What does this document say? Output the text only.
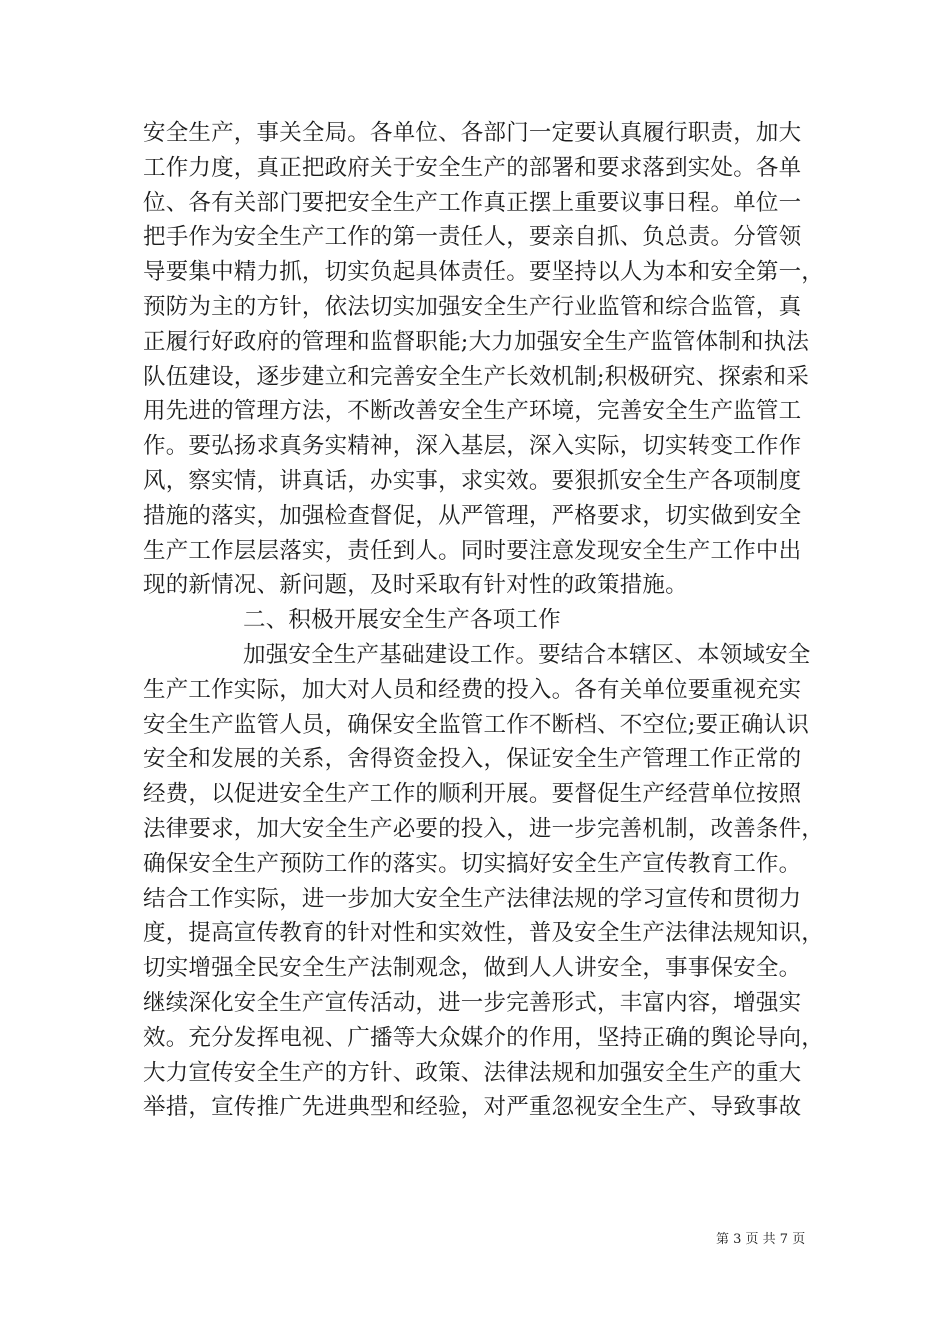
安全生产，事关全局。各单位、各部门一定要认真履行职责，加大
工作力度，真正把政府关于安全生产的部署和要求落到实处。各单
位、各有关部门要把安全生产工作真正摆上重要议事日程。单位一
把手作为安全生产工作的第一责任人，要亲自抓、负总责。分管领
导要集中精力抓，切实负起具体责任。要坚持以人为本和安全第一，
预防为主的方针，依法切实加强安全生产行业监管和综合监管，真
正履行好政府的管理和监督职能;大力加强安全生产监管体制和执法
队伍建设，逐步建立和完善安全生产长效机制;积极研究、探索和采
用先进的管理方法，不断改善安全生产环境，完善安全生产监管工
作。要弘扬求真务实精神，深入基层，深入实际，切实转变工作作
风，察实情，讲真话，办实事，求实效。要狠抓安全生产各项制度
措施的落实，加强检查督促，从严管理，严格要求，切实做到安全
生产工作层层落实，责任到人。同时要注意发现安全生产工作中出
现的新情况、新问题，及时采取有针对性的政策措施。
二、积极开展安全生产各项工作
加强安全生产基础建设工作。要结合本辖区、本领域安全
生产工作实际，加大对人员和经费的投入。各有关单位要重视充实
安全生产监管人员，确保安全监管工作不断档、不空位;要正确认识
安全和发展的关系，舍得资金投入，保证安全生产管理工作正常的
经费，以促进安全生产工作的顺利开展。要督促生产经营单位按照
法律要求，加大安全生产必要的投入，进一步完善机制，改善条件，
确保安全生产预防工作的落实。切实搞好安全生产宣传教育工作。
结合工作实际，进一步加大安全生产法律法规的学习宣传和贯彻力
度，提高宣传教育的针对性和实效性，普及安全生产法律法规知识，
切实增强全民安全生产法制观念，做到人人讲安全，事事保安全。
继续深化安全生产宣传活动，进一步完善形式，丰富内容，增强实
效。充分发挥电视、广播等大众媒介的作用，坚持正确的舆论导向，
大力宣传安全生产的方针、政策、法律法规和加强安全生产的重大
举措，宣传推广先进典型和经验，对严重忽视安全生产、导致事故
第 3 页 共 7 页
